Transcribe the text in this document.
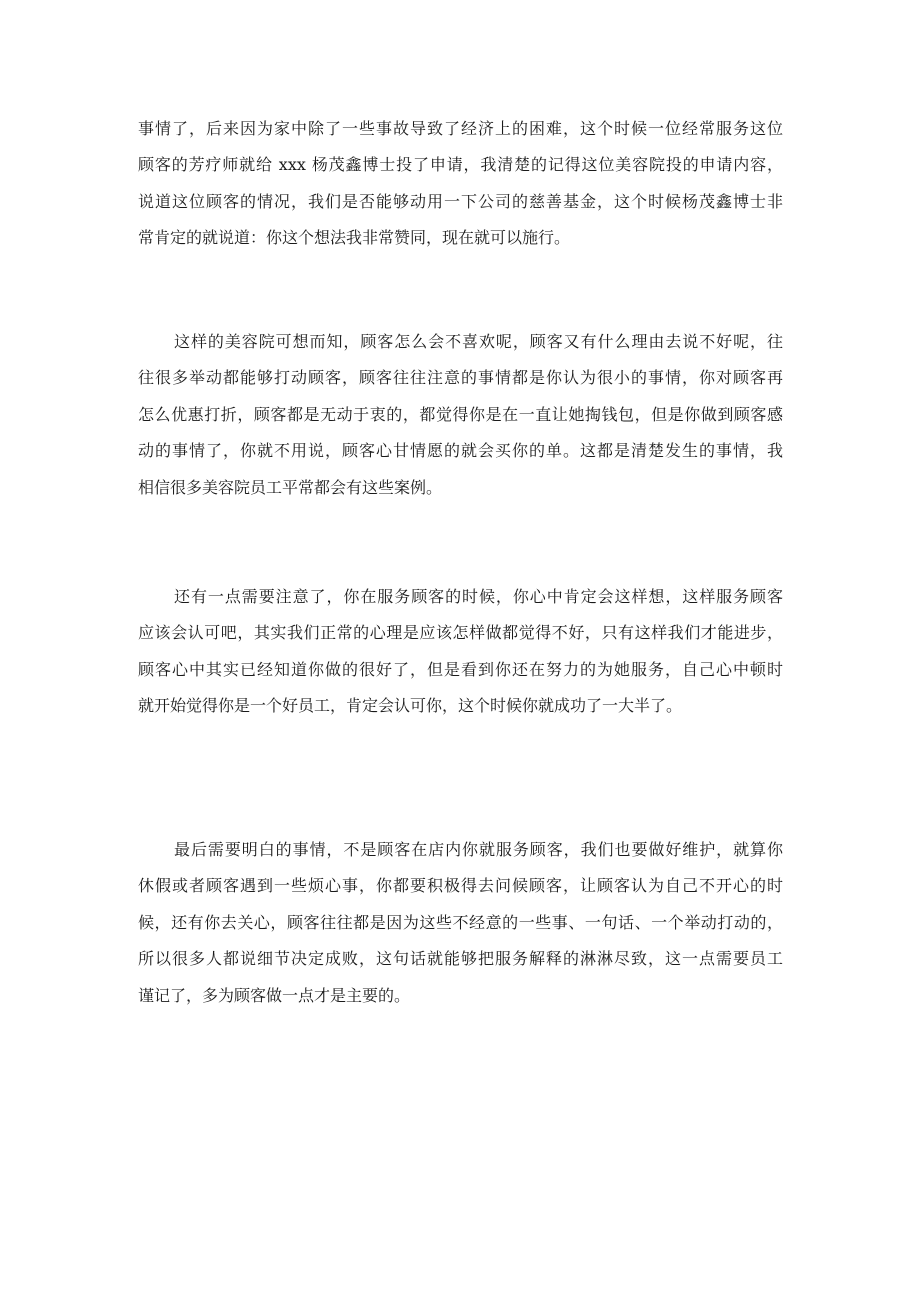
事情了，后来因为家中除了一些事故导致了经济上的困难，这个时候一位经常服务这位
顾客的芳疗师就给 xxx 杨茂鑫博士投了申请，我清楚的记得这位美容院投的申请内容，
说道这位顾客的情况，我们是否能够动用一下公司的慈善基金，这个时候杨茂鑫博士非
常肯定的就说道：你这个想法我非常赞同，现在就可以施行。
这样的美容院可想而知，顾客怎么会不喜欢呢，顾客又有什么理由去说不好呢，往
往很多举动都能够打动顾客，顾客往往注意的事情都是你认为很小的事情，你对顾客再
怎么优惠打折，顾客都是无动于衷的，都觉得你是在一直让她掏钱包，但是你做到顾客感
动的事情了，你就不用说，顾客心甘情愿的就会买你的单。这都是清楚发生的事情，我
相信很多美容院员工平常都会有这些案例。
还有一点需要注意了，你在服务顾客的时候，你心中肯定会这样想，这样服务顾客
应该会认可吧，其实我们正常的心理是应该怎样做都觉得不好，只有这样我们才能进步，
顾客心中其实已经知道你做的很好了，但是看到你还在努力的为她服务，自己心中顿时
就开始觉得你是一个好员工，肯定会认可你，这个时候你就成功了一大半了。
最后需要明白的事情，不是顾客在店内你就服务顾客，我们也要做好维护，就算你
休假或者顾客遇到一些烦心事，你都要积极得去问候顾客，让顾客认为自己不开心的时
候，还有你去关心，顾客往往都是因为这些不经意的一些事、一句话、一个举动打动的，
所以很多人都说细节决定成败，这句话就能够把服务解释的淋淋尽致，这一点需要员工
谨记了，多为顾客做一点才是主要的。
